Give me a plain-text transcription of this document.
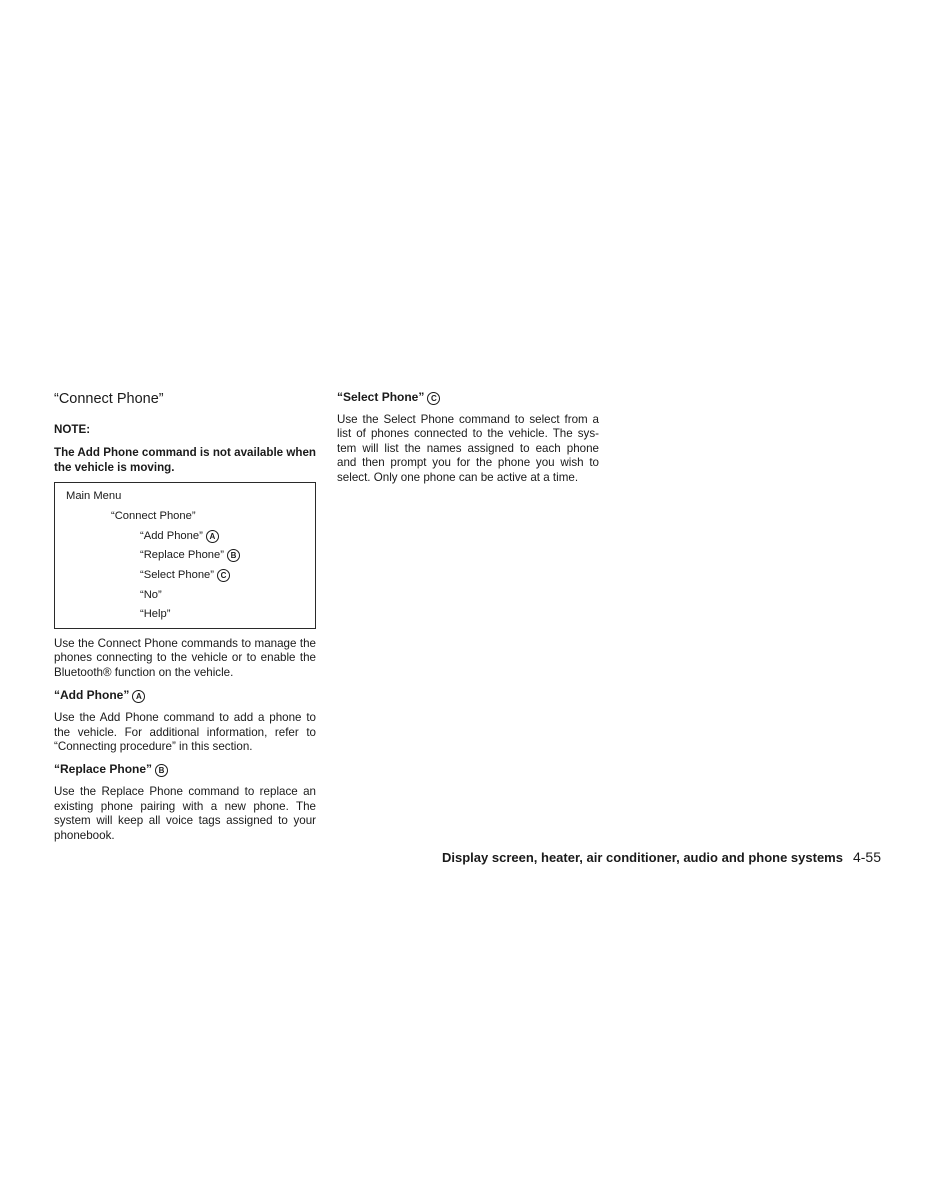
“Connect Phone”
NOTE:
The Add Phone command is not available when the vehicle is moving.
Main Menu
“Connect Phone”
“Add Phone” A
“Replace Phone” B
“Select Phone” C
“No”
“Help”
Use the Connect Phone commands to manage the phones connecting to the vehicle or to enable the Bluetooth® function on the vehicle.
“Add Phone” A
Use the Add Phone command to add a phone to the vehicle. For additional information, refer to “Connecting procedure” in this section.
“Replace Phone” B
Use the Replace Phone command to replace an existing phone pairing with a new phone. The system will keep all voice tags assigned to your phonebook.
“Select Phone” C
Use the Select Phone command to select from a list of phones connected to the vehicle. The sys-tem will list the names assigned to each phone and then prompt you for the phone you wish to select. Only one phone can be active at a time.
Display screen, heater, air conditioner, audio and phone systems 4-55
